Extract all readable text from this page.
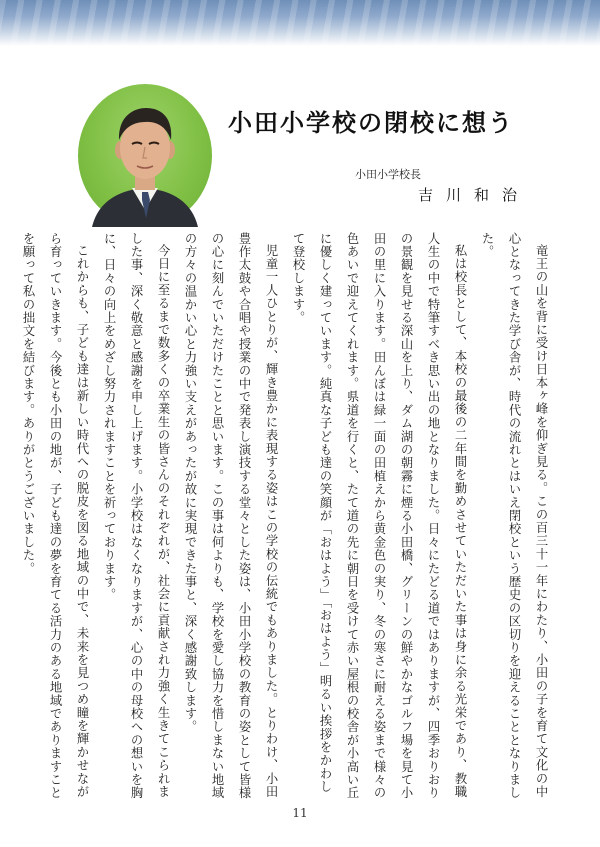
小田小学校の閉校に想う
小田小学校長
吉川和治

竜王の山を背に受け日本ヶ峰を仰ぎ見る。この百三十一年にわたり、小田の子を育て文化の中心となってきた学び舎が、時代の流れとはいえ閉校という歴史の区切りを迎えることとなりました。

私は校長として、本校の最後の二年間を勤めさせていただいた事は身に余る光栄であり、教職人生の中で特筆すべき思い出の地となりました。日々にたどる道ではありますが、四季おりおりの景観を見せる深山を上り、ダム湖の朝霧に煙る小田橋、グリーンの鮮やかなゴルフ場を見て小田の里に入ります。田んぼは緑一面の田植えから黄金色の実り、冬の寒さに耐える姿まで様々の色あいで迎えてくれます。県道を行くと、たて道の先に朝日を受けて赤い屋根の校舎が小高い丘に優しく建っています。純真な子ども達の笑顔が「おはよう」「おはよう」明るい挨拶をかわして登校します。

児童一人ひとりが、輝き豊かに表現する姿はこの学校の伝統でもありました。とりわけ、小田豊作太鼓や合唱や授業の中で発表し演技する堂々とした姿は、小田小学校の教育の姿として皆様の心に刻んでいただけたことと思います。この事は何よりも、学校を愛し協力を惜しまない地域の方々の温かい心と力強い支えがあったが故に実現できた事と、深く感謝致します。

今日に至るまで数多くの卒業生の皆さんのそれぞれが、社会に貢献され力強く生きてこられました事、深く敬意と感謝を申し上げます。小学校はなくなりますが、心の中の母校への想いを胸に、日々の向上をめざし努力されますことを祈っております。

これからも、子ども達は新しい時代への脱皮を図る地域の中で、未来を見つめ瞳を輝かせながら育っていきます。今後とも小田の地が、子ども達の夢を育てる活力のある地域でありますことを願って私の拙文を結びます。ありがとうございました。

11
